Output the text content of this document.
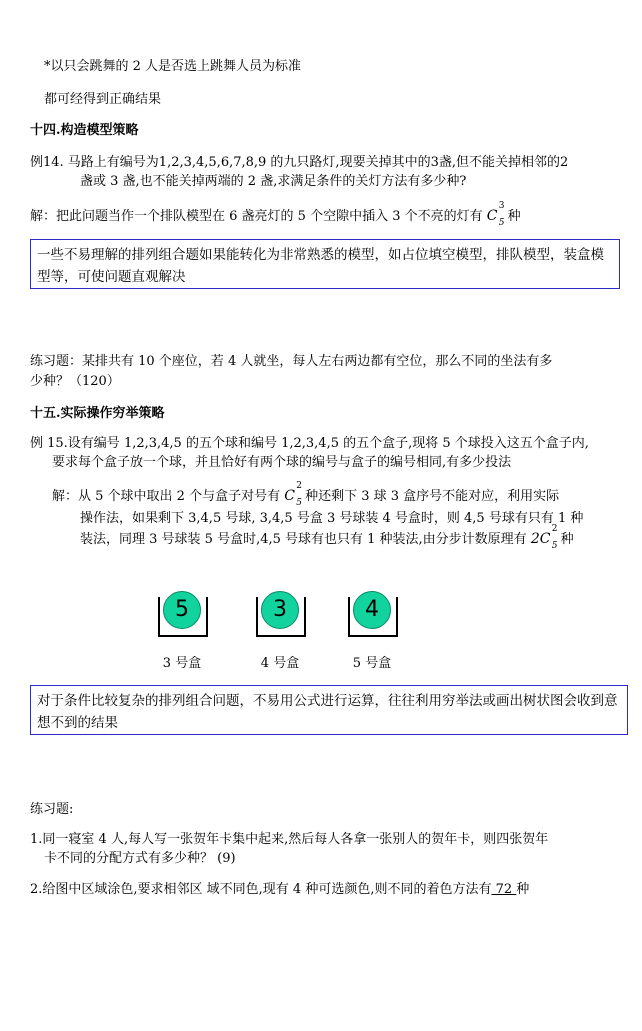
*以只会跳舞的 2 人是否选上跳舞人员为标准
都可经得到正确结果
十四.构造模型策略
例14. 马路上有编号为1,2,3,4,5,6,7,8,9 的九只路灯,现要关掉其中的3盏,但不能关掉相邻的2
盏或 3 盏,也不能关掉两端的 2 盏,求满足条件的关灯方法有多少种?
解：把此问题当作一个排队模型在 6 盏亮灯的 5 个空隙中插入 3 个不亮的灯有 C
3
5 种
一些不易理解的排列组合题如果能转化为非常熟悉的模型，如占位填空模型，排队模型，装盒模型等，可使问题直观解决
练习题：某排共有 10 个座位，若 4 人就坐，每人左右两边都有空位，那么不同的坐法有多
少种？（120）
十五.实际操作穷举策略
例 15.设有编号 1,2,3,4,5 的五个球和编号 1,2,3,4,5 的五个盒子,现将 5 个球投入这五个盒子内,
要求每个盒子放一个球，并且恰好有两个球的编号与盒子的编号相同,有多少投法
解：从 5 个球中取出 2 个与盒子对号有 C
2
5 种还剩下 3 球 3 盒序号不能对应，利用实际
操作法，如果剩下 3,4,5 号球, 3,4,5 号盒 3 号球装 4 号盒时，则 4,5 号球有只有 1 种
装法，同理 3 号球装 5 号盒时,4,5 号球有也只有 1 种装法,由分步计数原理有 2C
2
5 种
5
3 号盒
3
4 号盒
4
5 号盒
对于条件比较复杂的排列组合问题，不易用公式进行运算，往往利用穷举法或画出树状图会收到意想不到的结果
练习题:
1.同一寝室 4 人,每人写一张贺年卡集中起来,然后每人各拿一张别人的贺年卡，则四张贺年
卡不同的分配方式有多少种？ (9)
2.给图中区域涂色,要求相邻区 域不同色,现有 4 种可选颜色,则不同的着色方法有 72 种
